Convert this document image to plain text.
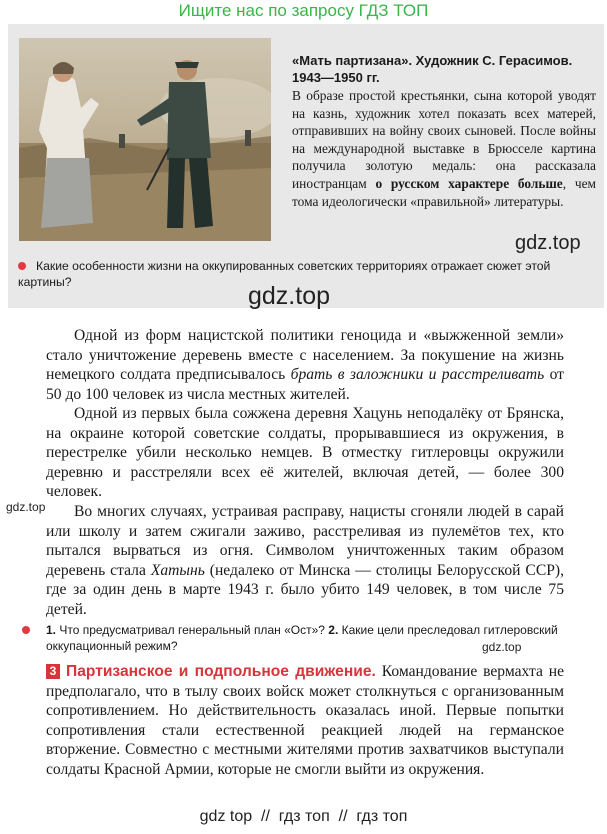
Ищите нас по запросу ГДЗ ТОП
«Мать партизана». Художник С. Герасимов. 1943—1950 гг.
В образе простой крестьянки, сына которой уводят на казнь, художник хотел показать всех матерей, отправивших на войну своих сыновей. После войны на международной выставке в Брюсселе картина получила золотую медаль: она рассказала иностранцам о русском характере больше, чем тома идеологически «правильной» литературы.
gdz.top
Какие особенности жизни на оккупированных советских территориях отражает сюжет этой картины?	gdz.top
Одной из форм нацистской политики геноцида и «выжженной земли» стало уничтожение деревень вместе с населением. За покушение на жизнь немецкого солдата предписывалось брать в заложники и расстреливать от 50 до 100 человек из числа местных жителей.
Одной из первых была сожжена деревня Хацунь неподалёку от Брянска, на окраине которой советские солдаты, прорывавшиеся из окружения, в перестрелке убили несколько немцев. В отместку гитлеровцы окружили деревню и расстреляли всех её жителей, включая детей, — более 300 человек.
gdz.top	Во многих случаях, устраивая расправу, нацисты сгоняли людей в сарай или школу и затем сжигали заживо, расстреливая из пулемётов тех, кто пытался вырваться из огня. Символом уничтоженных таким образом деревень стала Хатынь (недалеко от Минска — столицы Белорусской ССР), где за один день в марте 1943 г. было убито 149 человек, в том числе 75 детей.
1. Что предусматривал генеральный план «Ост»? 2. Какие цели преследовал гитлеровский оккупационный режим?	gdz.top
3 Партизанское и подпольное движение. Командование вермахта не предполагало, что в тылу своих войск может столкнуться с организованным сопротивлением. Но действительность оказалась иной. Первые попытки сопротивления стали естественной реакцией людей на германское вторжение. Совместно с местными жителями против захватчиков выступали солдаты Красной Армии, которые не смогли выйти из окружения.
gdz top  //  гдз топ  //  гдз топ
